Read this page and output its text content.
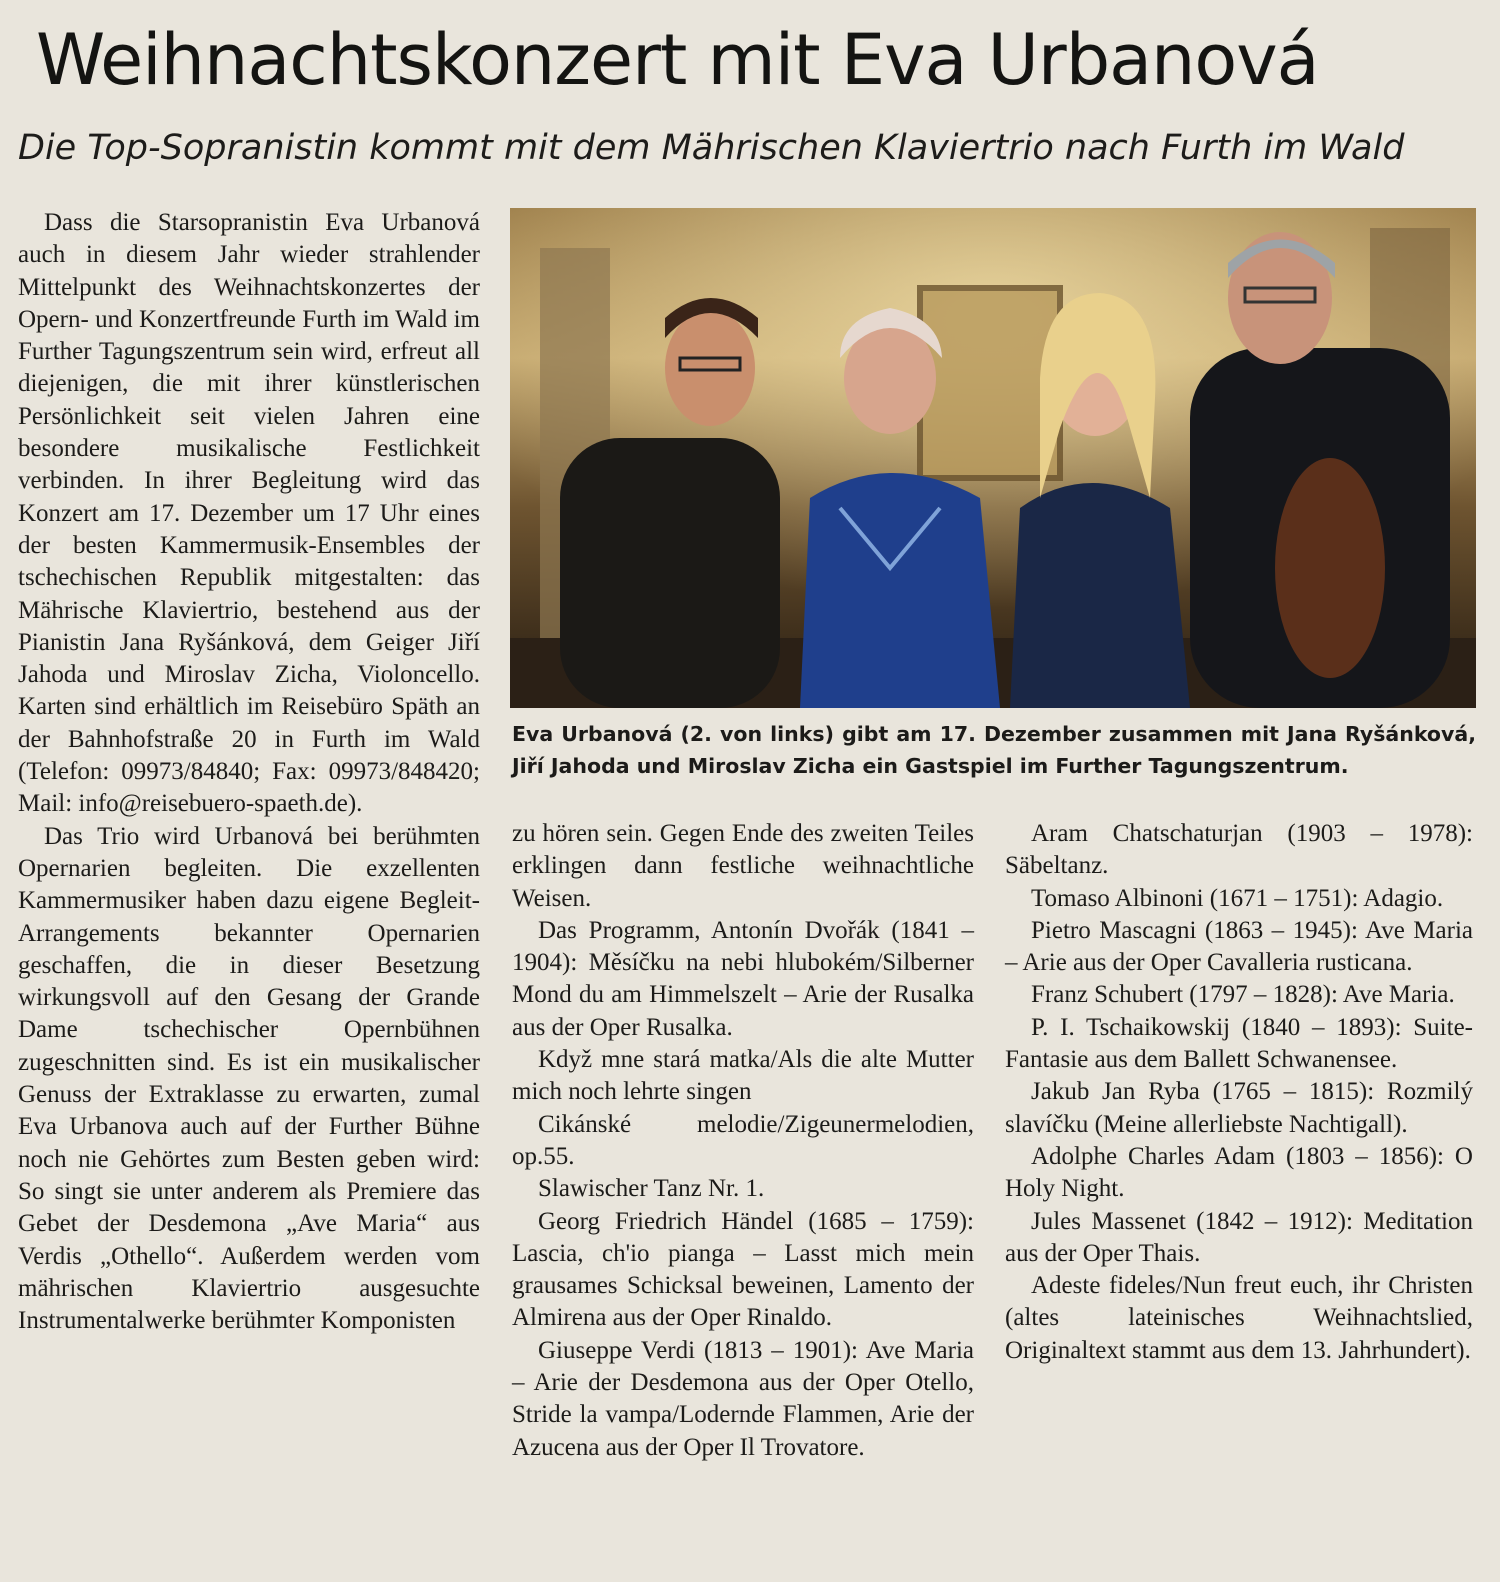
Weihnachtskonzert mit Eva Urbanová
Die Top-Sopranistin kommt mit dem Mährischen Klaviertrio nach Furth im Wald

Dass die Starsopranistin Eva Urbanová auch in diesem Jahr wieder strahlender Mittelpunkt des Weihnachtskonzertes der Opern- und Konzertfreunde Furth im Wald im Further Tagungszentrum sein wird, erfreut all diejenigen, die mit ihrer künstlerischen Persönlichkeit seit vielen Jahren eine besondere musikalische Festlichkeit verbinden. In ihrer Begleitung wird das Konzert am 17. Dezember um 17 Uhr eines der besten Kammermusik-Ensembles der tschechischen Republik mitgestalten: das Mährische Klaviertrio, bestehend aus der Pianistin Jana Ryšánková, dem Geiger Jiří Jahoda und Miroslav Zicha, Violoncello. Karten sind erhältlich im Reisebüro Späth an der Bahnhofstraße 20 in Furth im Wald (Telefon: 09973/84840; Fax: 09973/848420; Mail: info@reisebuero-spaeth.de).

Das Trio wird Urbanová bei berühmten Opernarien begleiten. Die exzellenten Kammermusiker haben dazu eigene Begleit-Arrangements bekannter Opernarien geschaffen, die in dieser Besetzung wirkungsvoll auf den Gesang der Grande Dame tschechischer Opernbühnen zugeschnitten sind. Es ist ein musikalischer Genuss der Extraklasse zu erwarten, zumal Eva Urbanova auch auf der Further Bühne noch nie Gehörtes zum Besten geben wird: So singt sie unter anderem als Premiere das Gebet der Desdemona „Ave Maria“ aus Verdis „Othello“. Außerdem werden vom mährischen Klaviertrio ausgesuchte Instrumentalwerke berühmter Komponisten

Eva Urbanová (2. von links) gibt am 17. Dezember zusammen mit Jana Ryšánková, Jiří Jahoda und Miroslav Zicha ein Gastspiel im Further Tagungszentrum.

zu hören sein. Gegen Ende des zweiten Teiles erklingen dann festliche weihnachtliche Weisen.

Das Programm, Antonín Dvořák (1841 – 1904): Měsíčku na nebi hlubokém/Silberner Mond du am Himmelszelt – Arie der Rusalka aus der Oper Rusalka.

Když mne stará matka/Als die alte Mutter mich noch lehrte singen

Cikánské melodie/Zigeunermelodien, op.55.

Slawischer Tanz Nr. 1.

Georg Friedrich Händel (1685 – 1759): Lascia, ch'io pianga – Lasst mich mein grausames Schicksal beweinen, Lamento der Almirena aus der Oper Rinaldo.

Giuseppe Verdi (1813 – 1901): Ave Maria – Arie der Desdemona aus der Oper Otello, Stride la vampa/Lodernde Flammen, Arie der Azucena aus der Oper Il Trovatore.

Aram Chatschaturjan (1903 – 1978): Säbeltanz.

Tomaso Albinoni (1671 – 1751): Adagio.

Pietro Mascagni (1863 – 1945): Ave Maria – Arie aus der Oper Cavalleria rusticana.

Franz Schubert (1797 – 1828): Ave Maria.

P. I. Tschaikowskij (1840 – 1893): Suite-Fantasie aus dem Ballett Schwanensee.

Jakub Jan Ryba (1765 – 1815): Rozmilý slavíčku (Meine allerliebste Nachtigall).

Adolphe Charles Adam (1803 – 1856): O Holy Night.

Jules Massenet (1842 – 1912): Meditation aus der Oper Thais.

Adeste fideles/Nun freut euch, ihr Christen (altes lateinisches Weihnachtslied, Originaltext stammt aus dem 13. Jahrhundert).
